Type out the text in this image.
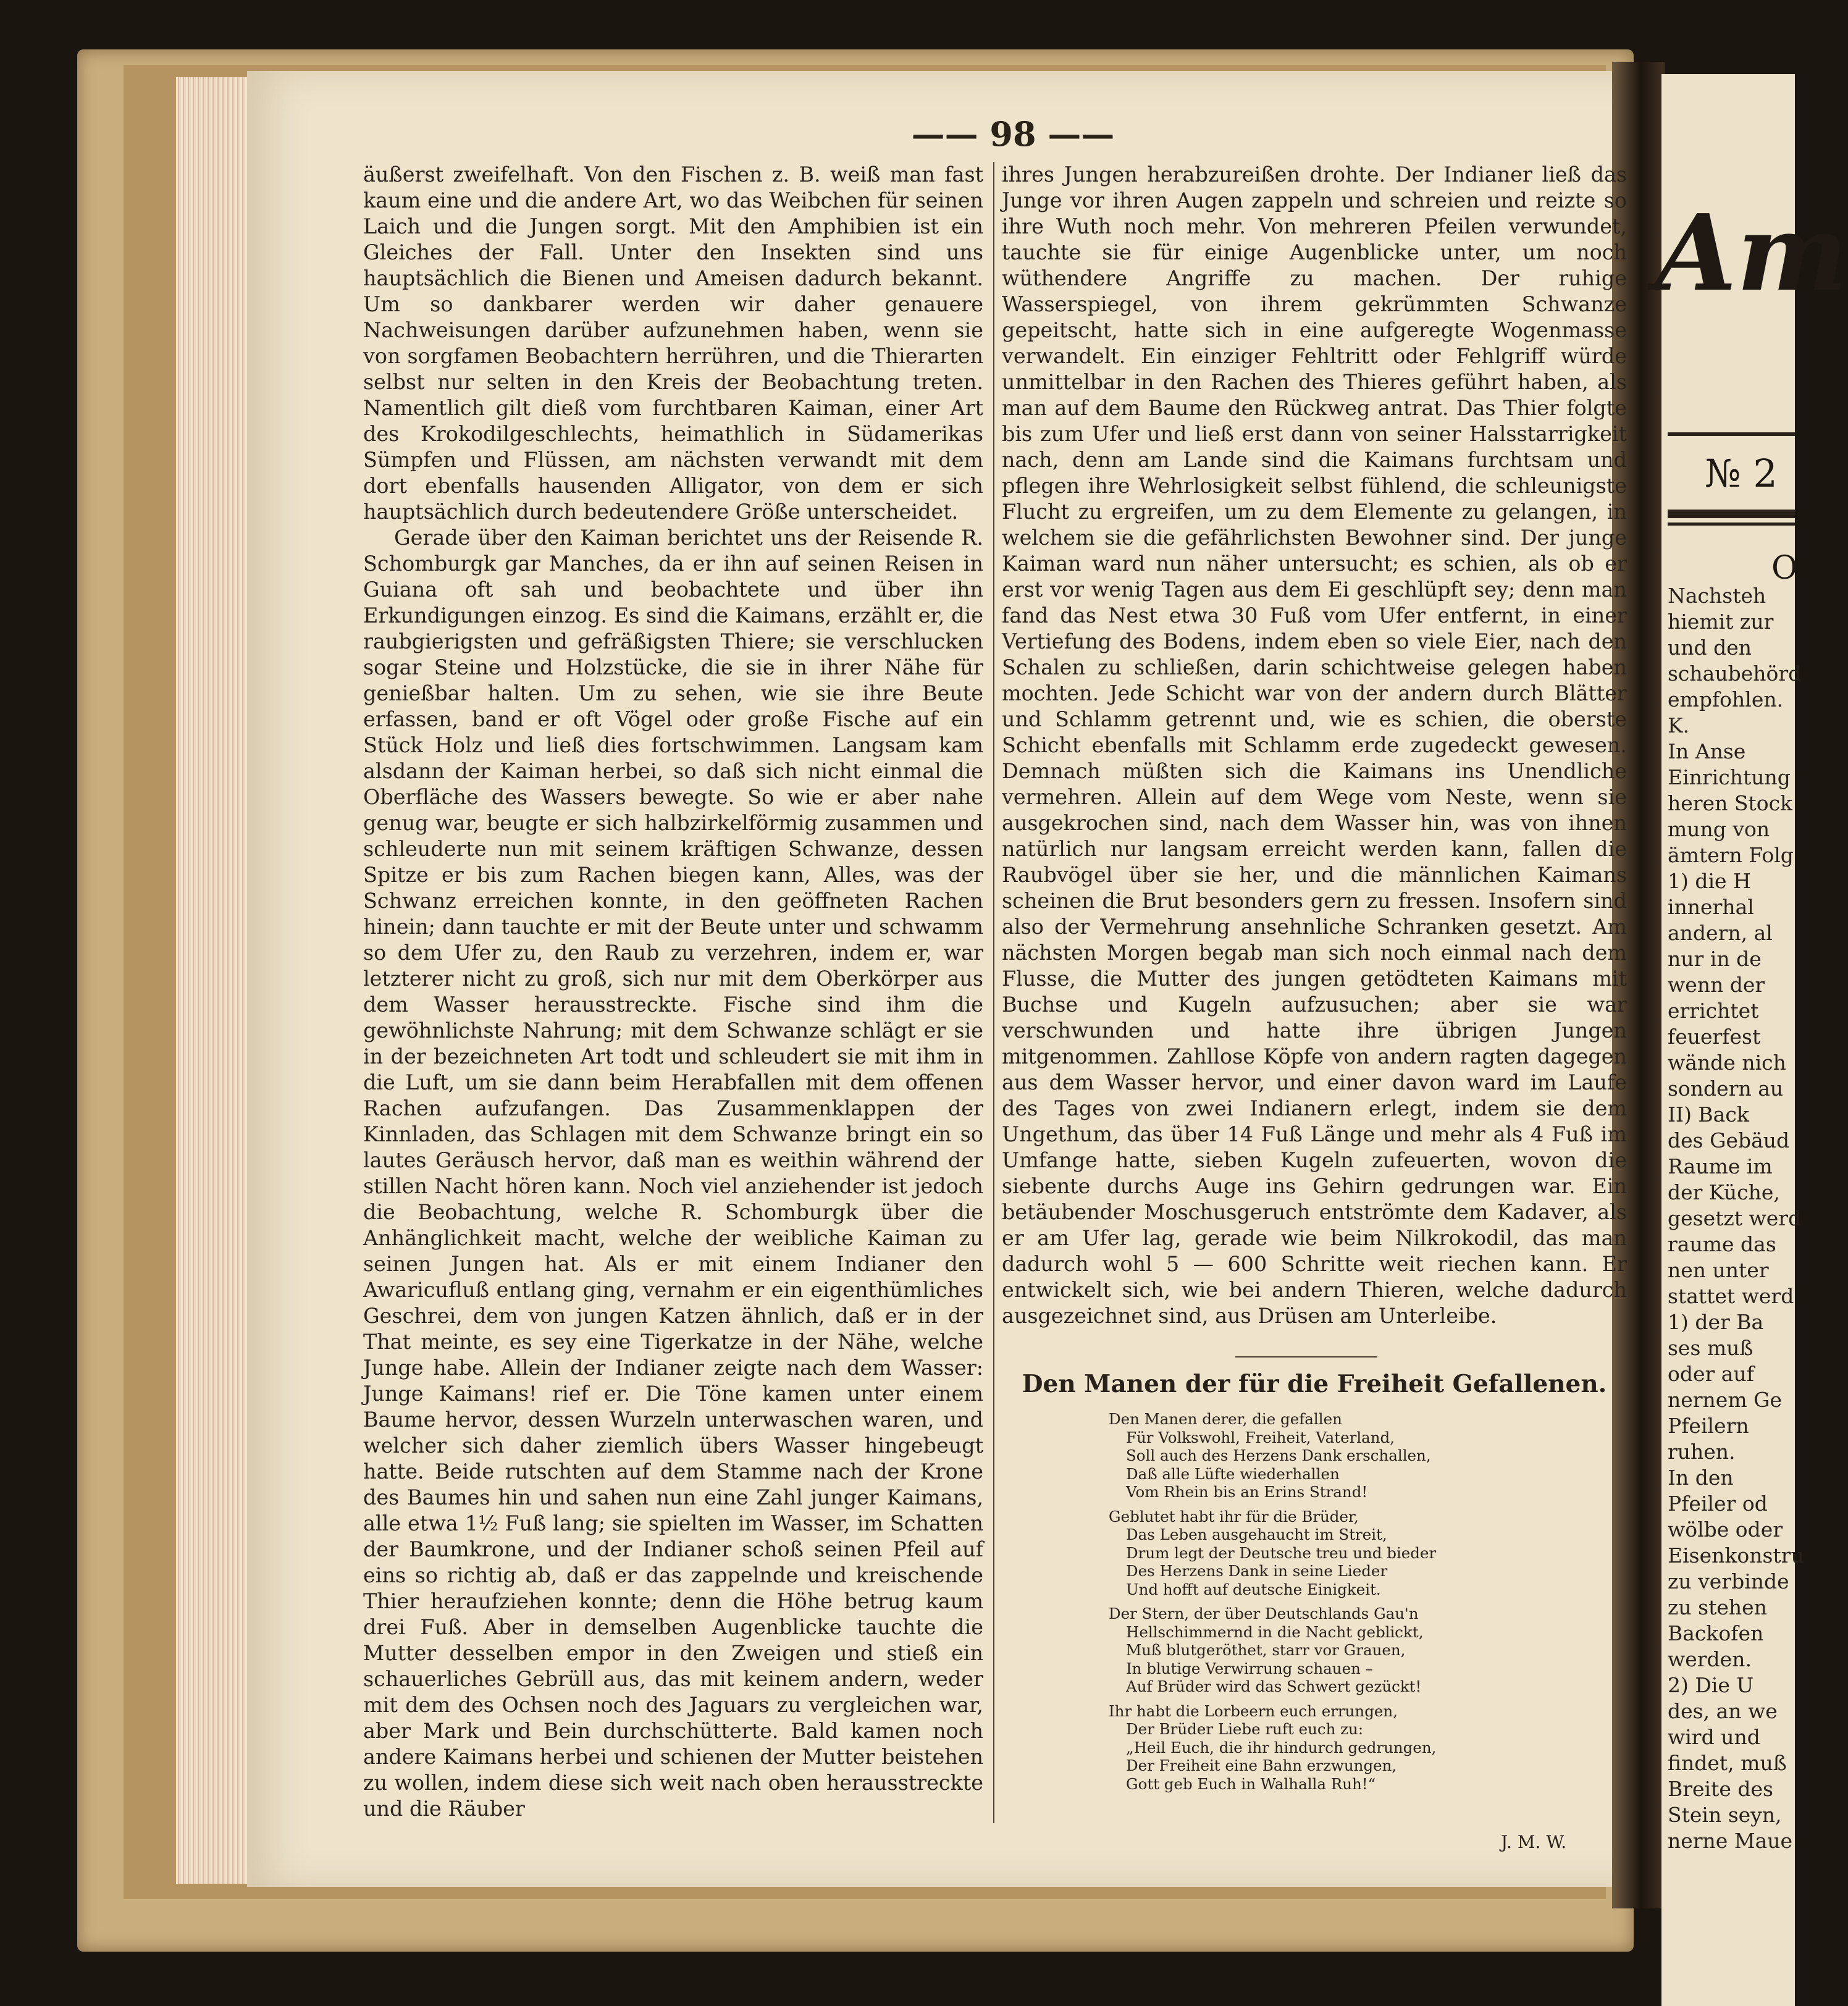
—— 98 ——

äußerst zweifelhaft. Von den Fischen z. B. weiß man fast kaum eine und die andere Art, wo das Weibchen für seinen Laich und die Jungen sorgt. Mit den Amphibien ist ein Gleiches der Fall. Unter den Insekten sind uns hauptsächlich die Bienen und Ameisen dadurch bekannt. Um so dankbarer werden wir daher genauere Nachweisungen darüber aufzunehmen haben, wenn sie von sorgfamen Beobachtern herrühren, und die Thierarten selbst nur selten in den Kreis der Beobachtung treten. Namentlich gilt dieß vom furchtbaren Kaiman, einer Art des Krokodilgeschlechts, heimathlich in Südamerikas Sümpfen und Flüssen, am nächsten verwandt mit dem dort ebenfalls hausenden Alligator, von dem er sich hauptsächlich durch bedeutendere Größe unterscheidet.

Gerade über den Kaiman berichtet uns der Reisende R. Schomburgk gar Manches, da er ihn auf seinen Reisen in Guiana oft sah und beobachtete und über ihn Erkundigungen einzog. Es sind die Kaimans, erzählt er, die raubgierigsten und gefräßigsten Thiere; sie verschlucken sogar Steine und Holzstücke, die sie in ihrer Nähe für genießbar halten. Um zu sehen, wie sie ihre Beute erfassen, band er oft Vögel oder große Fische auf ein Stück Holz und ließ dies fortschwimmen. Langsam kam alsdann der Kaiman herbei, so daß sich nicht einmal die Oberfläche des Wassers bewegte. So wie er aber nahe genug war, beugte er sich halbzirkelförmig zusammen und schleuderte nun mit seinem kräftigen Schwanze, dessen Spitze er bis zum Rachen biegen kann, Alles, was der Schwanz erreichen konnte, in den geöffneten Rachen hinein; dann tauchte er mit der Beute unter und schwamm so dem Ufer zu, den Raub zu verzehren, indem er, war letzterer nicht zu groß, sich nur mit dem Oberkörper aus dem Wasser herausstreckte. Fische sind ihm die gewöhnlichste Nahrung; mit dem Schwanze schlägt er sie in der bezeichneten Art todt und schleudert sie mit ihm in die Luft, um sie dann beim Herabfallen mit dem offenen Rachen aufzufangen. Das Zusammenklappen der Kinnladen, das Schlagen mit dem Schwanze bringt ein so lautes Geräusch hervor, daß man es weithin während der stillen Nacht hören kann. Noch viel anziehender ist jedoch die Beobachtung, welche R. Schomburgk über die Anhänglichkeit macht, welche der weibliche Kaiman zu seinen Jungen hat. Als er mit einem Indianer den Awaricufluß entlang ging, vernahm er ein eigenthümliches Geschrei, dem von jungen Katzen ähnlich, daß er in der That meinte, es sey eine Tigerkatze in der Nähe, welche Junge habe. Allein der Indianer zeigte nach dem Wasser: Junge Kaimans! rief er. Die Töne kamen unter einem Baume hervor, dessen Wurzeln unterwaschen waren, und welcher sich daher ziemlich übers Wasser hingebeugt hatte. Beide rutschten auf dem Stamme nach der Krone des Baumes hin und sahen nun eine Zahl junger Kaimans, alle etwa 1½ Fuß lang; sie spielten im Wasser, im Schatten der Baumkrone, und der Indianer schoß seinen Pfeil auf eins so richtig ab, daß er das zappelnde und kreischende Thier heraufziehen konnte; denn die Höhe betrug kaum drei Fuß. Aber in demselben Augenblicke tauchte die Mutter desselben empor in den Zweigen und stieß ein schauerliches Gebrüll aus, das mit keinem andern, weder mit dem des Ochsen noch des Jaguars zu vergleichen war, aber Mark und Bein durchschütterte. Bald kamen noch andere Kaimans herbei und schienen der Mutter beistehen zu wollen, indem diese sich weit nach oben herausstreckte und die Räuber

ihres Jungen herabzureißen drohte. Der Indianer ließ das Junge vor ihren Augen zappeln und schreien und reizte so ihre Wuth noch mehr. Von mehreren Pfeilen verwundet, tauchte sie für einige Augenblicke unter, um noch wüthendere Angriffe zu machen. Der ruhige Wasserspiegel, von ihrem gekrümmten Schwanze gepeitscht, hatte sich in eine aufgeregte Wogenmasse verwandelt. Ein einziger Fehltritt oder Fehlgriff würde unmittelbar in den Rachen des Thieres geführt haben, als man auf dem Baume den Rückweg antrat. Das Thier folgte bis zum Ufer und ließ erst dann von seiner Halsstarrigkeit nach, denn am Lande sind die Kaimans furchtsam und pflegen ihre Wehrlosigkeit selbst fühlend, die schleunigste Flucht zu ergreifen, um zu dem Elemente zu gelangen, in welchem sie die gefährlichsten Bewohner sind. Der junge Kaiman ward nun näher untersucht; es schien, als ob er erst vor wenig Tagen aus dem Ei geschlüpft sey; denn man fand das Nest etwa 30 Fuß vom Ufer entfernt, in einer Vertiefung des Bodens, indem eben so viele Eier, nach den Schalen zu schließen, darin schichtweise gelegen haben mochten. Jede Schicht war von der andern durch Blätter und Schlamm getrennt und, wie es schien, die oberste Schicht ebenfalls mit Schlamm erde zugedeckt gewesen. Demnach müßten sich die Kaimans ins Unendliche vermehren. Allein auf dem Wege vom Neste, wenn sie ausgekrochen sind, nach dem Wasser hin, was von ihnen natürlich nur langsam erreicht werden kann, fallen die Raubvögel über sie her, und die männlichen Kaimans scheinen die Brut besonders gern zu fressen. Insofern sind also der Vermehrung ansehnliche Schranken gesetzt. Am nächsten Morgen begab man sich noch einmal nach dem Flusse, die Mutter des jungen getödteten Kaimans mit Buchse und Kugeln aufzusuchen; aber sie war verschwunden und hatte ihre übrigen Jungen mitgenommen. Zahllose Köpfe von andern ragten dagegen aus dem Wasser hervor, und einer davon ward im Laufe des Tages von zwei Indianern erlegt, indem sie dem Ungethum, das über 14 Fuß Länge und mehr als 4 Fuß im Umfange hatte, sieben Kugeln zufeuerten, wovon die siebente durchs Auge ins Gehirn gedrungen war. Ein betäubender Moschusgeruch entströmte dem Kadaver, als er am Ufer lag, gerade wie beim Nilkrokodil, das man dadurch wohl 5 — 600 Schritte weit riechen kann. Er entwickelt sich, wie bei andern Thieren, welche dadurch ausgezeichnet sind, aus Drüsen am Unterleibe.

Den Manen der für die Freiheit Gefallenen.
Den Manen derer, die gefallen
Für Volkswohl, Freiheit, Vaterland,
Soll auch des Herzens Dank erschallen,
Daß alle Lüfte wiederhallen
Vom Rhein bis an Erins Strand!
Geblutet habt ihr für die Brüder,
Das Leben ausgehaucht im Streit,
Drum legt der Deutsche treu und bieder
Des Herzens Dank in seine Lieder
Und hofft auf deutsche Einigkeit.
Der Stern, der über Deutschlands Gau'n
Hellschimmernd in die Nacht geblickt,
Muß blutgeröthet, starr vor Grauen,
In blutige Verwirrung schauen –
Auf Brüder wird das Schwert gezückt!
Ihr habt die Lorbeern euch errungen,
Der Brüder Liebe ruft euch zu:
„Heil Euch, die ihr hindurch gedrungen,
Der Freiheit eine Bahn erzwungen,
Gott geb Euch in Walhalla Ruh!“
J. M. W.
Am
№ 2
O
Nachsteh
hiemit zur
und den
schaubehörd
empfohlen.
K.
In Anse
Einrichtung
heren Stock
mung von
ämtern Folg
1) die H
innerhal
andern, al
nur in de
wenn der
errichtet
feuerfest
wände nich
sondern au
II) Back
des Gebäud
Raume im
der Küche,
gesetzt werd
raume das
nen unter
stattet werd
1) der Ba
ses muß
oder auf
nernem Ge
Pfeilern
ruhen.
In den
Pfeiler od
wölbe oder
Eisenkonstru
zu verbinde
zu stehen
Backofen
werden.
2) Die U
des, an we
wird und
findet, muß
Breite des
Stein seyn,
nerne Maue
